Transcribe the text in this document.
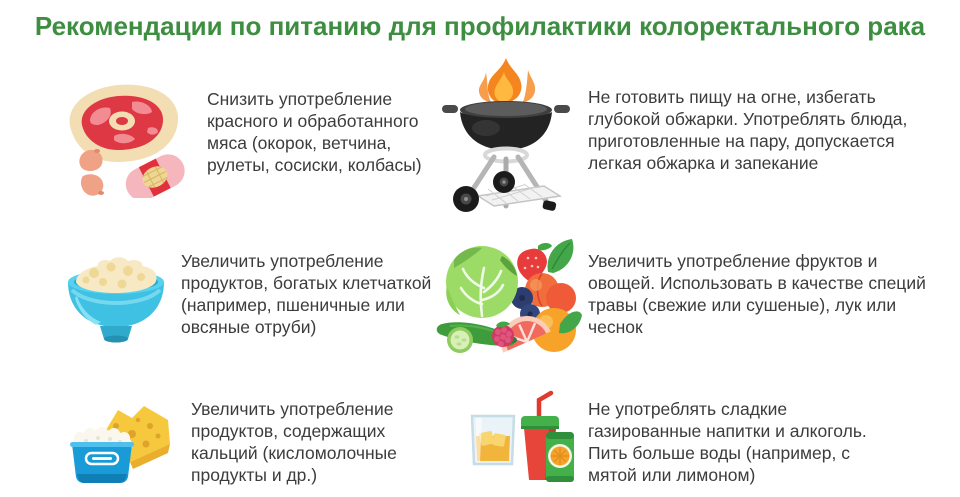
Рекомендации по питанию для профилактики колоректального рака
Снизить употребление красного и обработанного мяса (окорок, ветчина, рулеты, сосиски, колбасы)
Не готовить пищу на огне, избегать глубокой обжарки. Употреблять блюда, приготовленные на пару, допускается легкая обжарка и запекание
Увеличить употребление продуктов, богатых клетчаткой (например, пшеничные или овсяные отруби)
Увеличить употребление фруктов и овощей. Использовать в качестве специй травы (свежие или сушеные), лук или чеснок
Увеличить употребление продуктов, содержащих кальций (кисломолочные продукты и др.)
Не употреблять сладкие газированные напитки и алкоголь. Пить больше воды (например, с мятой или лимоном)
